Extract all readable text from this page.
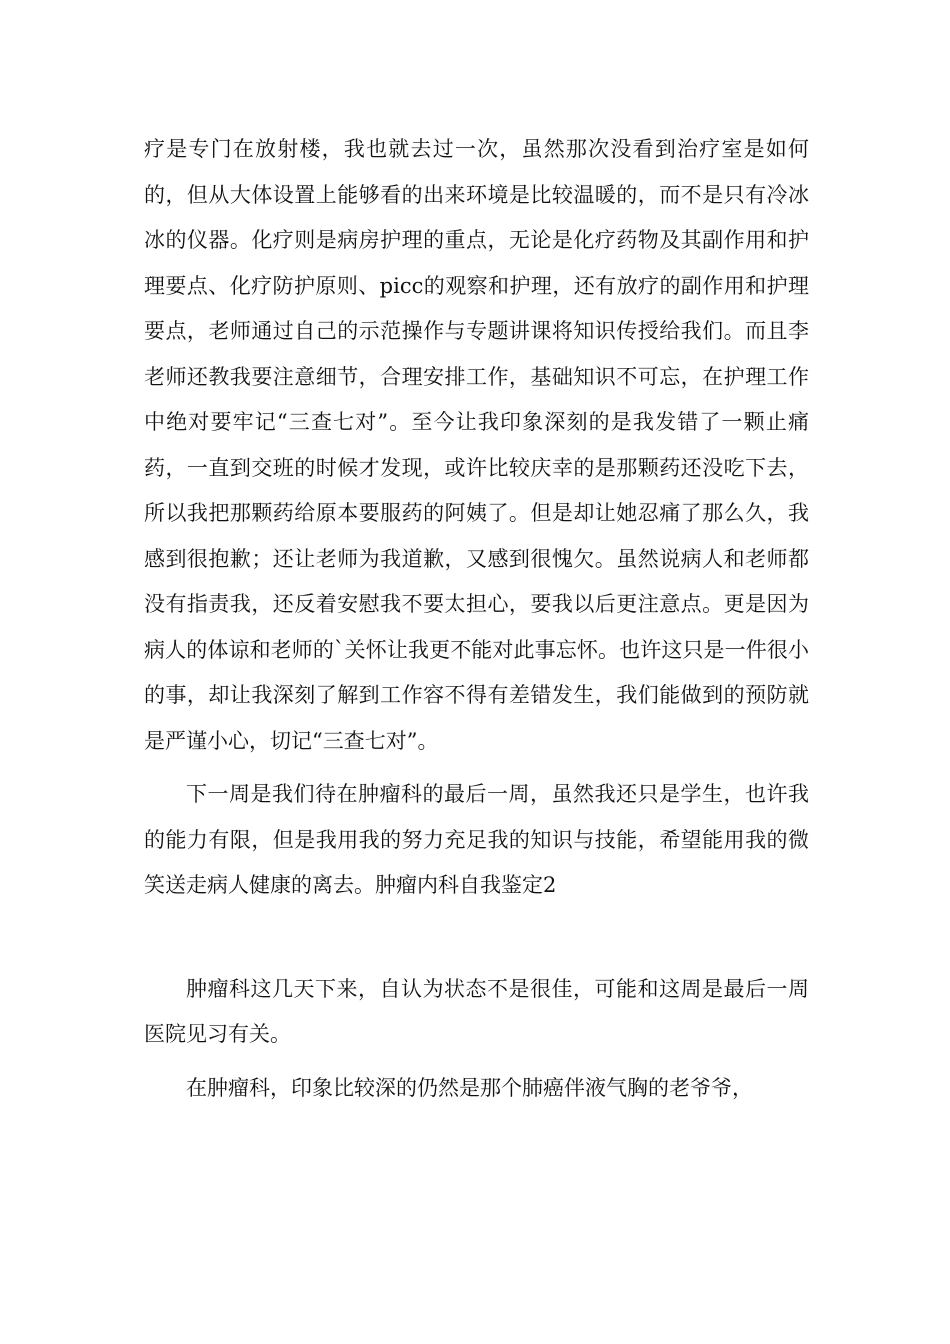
疗是专门在放射楼，我也就去过一次，虽然那次没看到治疗室是如何的，但从大体设置上能够看的出来环境是比较温暖的，而不是只有冷冰冰的仪器。化疗则是病房护理的重点，无论是化疗药物及其副作用和护理要点、化疗防护原则、picc的观察和护理，还有放疗的副作用和护理要点，老师通过自己的示范操作与专题讲课将知识传授给我们。而且李老师还教我要注意细节，合理安排工作，基础知识不可忘，在护理工作中绝对要牢记“三查七对”。至今让我印象深刻的是我发错了一颗止痛药，一直到交班的时候才发现，或许比较庆幸的是那颗药还没吃下去，所以我把那颗药给原本要服药的阿姨了。但是却让她忍痛了那么久，我感到很抱歉；还让老师为我道歉，又感到很愧欠。虽然说病人和老师都没有指责我，还反着安慰我不要太担心，要我以后更注意点。更是因为病人的体谅和老师的`关怀让我更不能对此事忘怀。也许这只是一件很小的事，却让我深刻了解到工作容不得有差错发生，我们能做到的预防就是严谨小心，切记“三查七对”。

下一周是我们待在肿瘤科的最后一周，虽然我还只是学生，也许我的能力有限，但是我用我的努力充足我的知识与技能，希望能用我的微笑送走病人健康的离去。肿瘤内科自我鉴定2

肿瘤科这几天下来，自认为状态不是很佳，可能和这周是最后一周医院见习有关。

在肿瘤科，印象比较深的仍然是那个肺癌伴液气胸的老爷爷，
